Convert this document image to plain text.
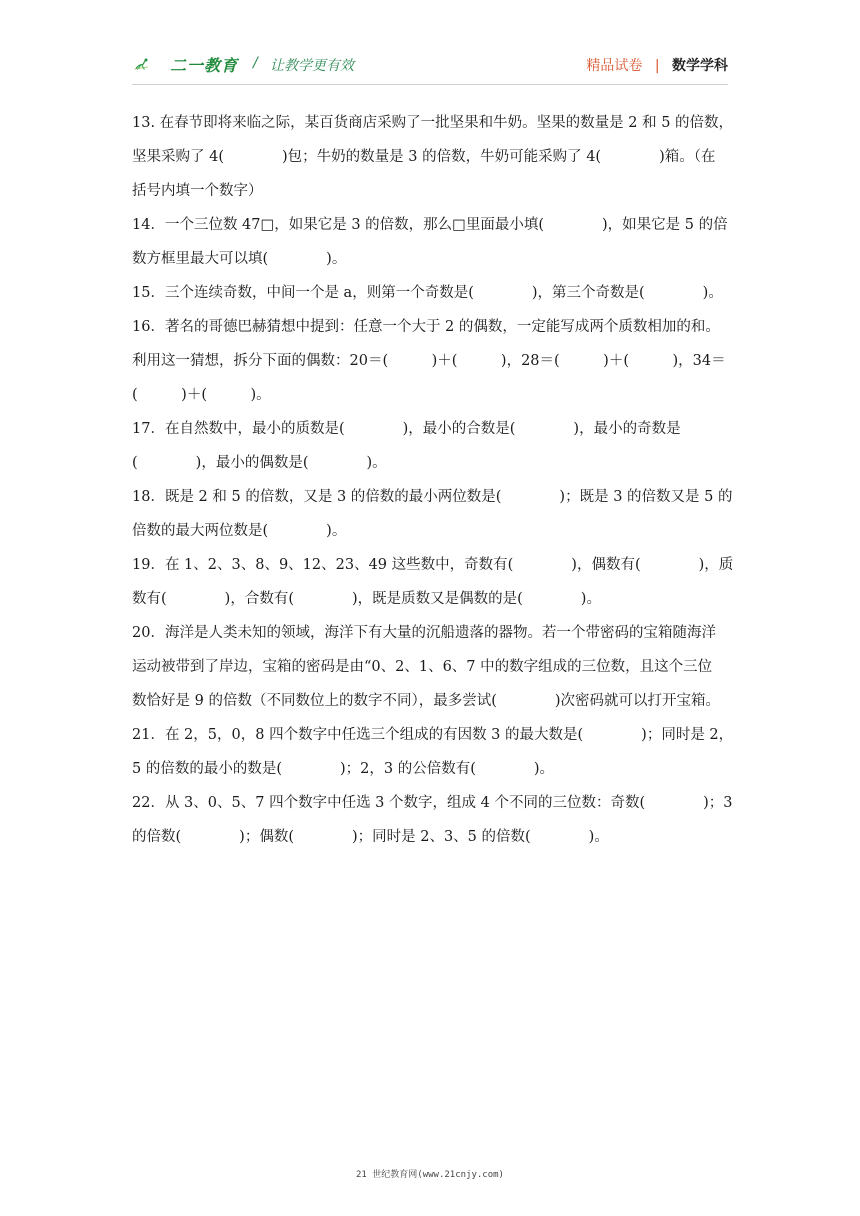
二一教育 / 让教学更有效	精品试卷 | 数学学科
13. 在春节即将来临之际，某百货商店采购了一批坚果和牛奶。坚果的数量是 2 和 5 的倍数，
坚果采购了 4(　　　　)包；牛奶的数量是 3 的倍数，牛奶可能采购了 4(　　　　)箱。（在
括号内填一个数字）
14．一个三位数 47□，如果它是 3 的倍数，那么□里面最小填(　　　　)，如果它是 5 的倍
数方框里最大可以填(　　　　)。
15．三个连续奇数，中间一个是 a，则第一个奇数是(　　　　)，第三个奇数是(　　　　)。
16．著名的哥德巴赫猜想中提到：任意一个大于 2 的偶数，一定能写成两个质数相加的和。
利用这一猜想，拆分下面的偶数：20＝(　　　)＋(　　　)，28＝(　　　)＋(　　　)，34＝
(　　　)＋(　　　)。
17．在自然数中，最小的质数是(　　　　)，最小的合数是(　　　　)，最小的奇数是
(　　　　)，最小的偶数是(　　　　)。
18．既是 2 和 5 的倍数，又是 3 的倍数的最小两位数是(　　　　)；既是 3 的倍数又是 5 的
倍数的最大两位数是(　　　　)。
19．在 1、2、3、8、9、12、23、49 这些数中，奇数有(　　　　)，偶数有(　　　　)，质
数有(　　　　)，合数有(　　　　)，既是质数又是偶数的是(　　　　)。
20．海洋是人类未知的领域，海洋下有大量的沉船遗落的器物。若一个带密码的宝箱随海洋
运动被带到了岸边，宝箱的密码是由“0、2、1、6、7 中的数字组成的三位数，且这个三位
数恰好是 9 的倍数（不同数位上的数字不同），最多尝试(　　　　)次密码就可以打开宝箱。
21．在 2，5，0，8 四个数字中任选三个组成的有因数 3 的最大数是(　　　　)；同时是 2，
5 的倍数的最小的数是(　　　　)；2，3 的公倍数有(　　　　)。
22．从 3、0、5、7 四个数字中任选 3 个数字，组成 4 个不同的三位数：奇数(　　　　)；3
的倍数(　　　　)；偶数(　　　　)；同时是 2、3、5 的倍数(　　　　)。
21 世纪教育网(www.21cnjy.com)
